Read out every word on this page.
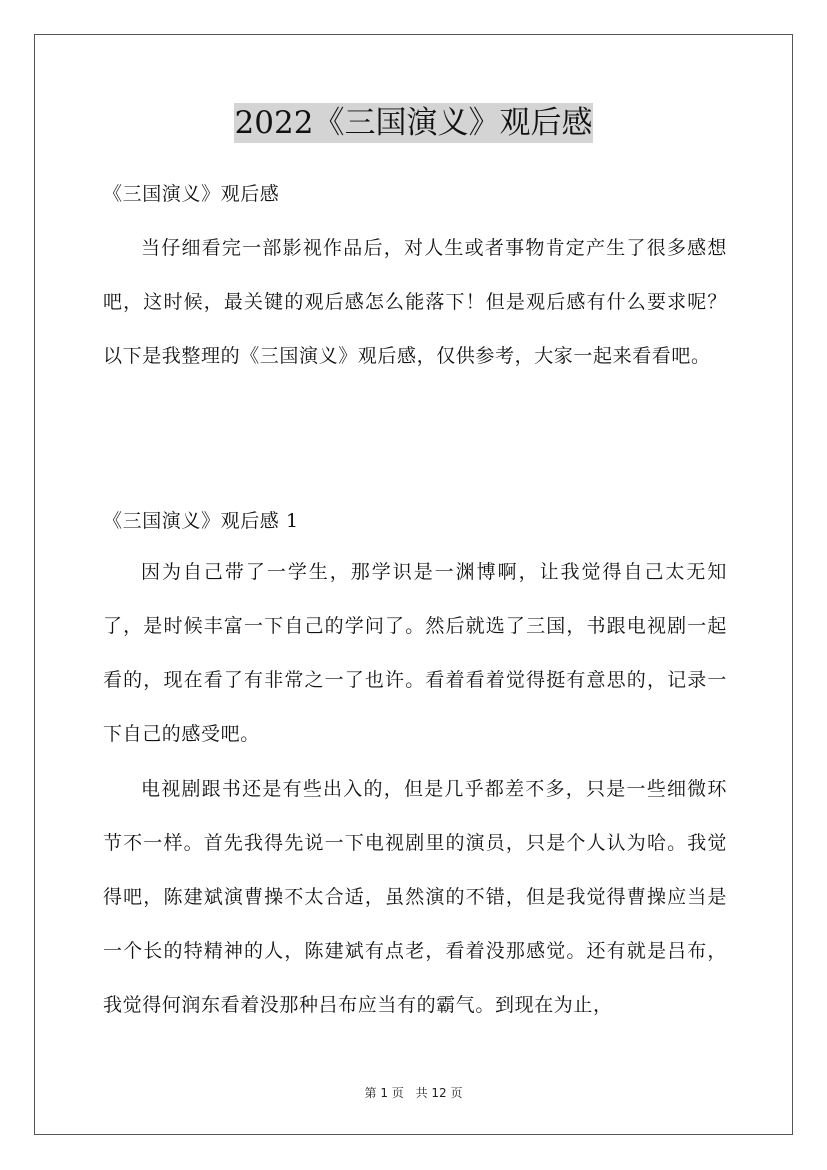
2022《三国演义》观后感
《三国演义》观后感
当仔细看完一部影视作品后，对人生或者事物肯定产生了很多感想吧，这时候，最关键的观后感怎么能落下！但是观后感有什么要求呢？以下是我整理的《三国演义》观后感，仅供参考，大家一起来看看吧。
《三国演义》观后感 1
因为自己带了一学生，那学识是一渊博啊，让我觉得自己太无知了，是时候丰富一下自己的学问了。然后就选了三国，书跟电视剧一起看的，现在看了有非常之一了也许。看着看着觉得挺有意思的，记录一下自己的感受吧。
电视剧跟书还是有些出入的，但是几乎都差不多，只是一些细微环节不一样。首先我得先说一下电视剧里的演员，只是个人认为哈。我觉得吧，陈建斌演曹操不太合适，虽然演的不错，但是我觉得曹操应当是一个长的特精神的人，陈建斌有点老，看着没那感觉。还有就是吕布，我觉得何润东看着没那种吕布应当有的霸气。到现在为止，
第 1 页 共 12 页
